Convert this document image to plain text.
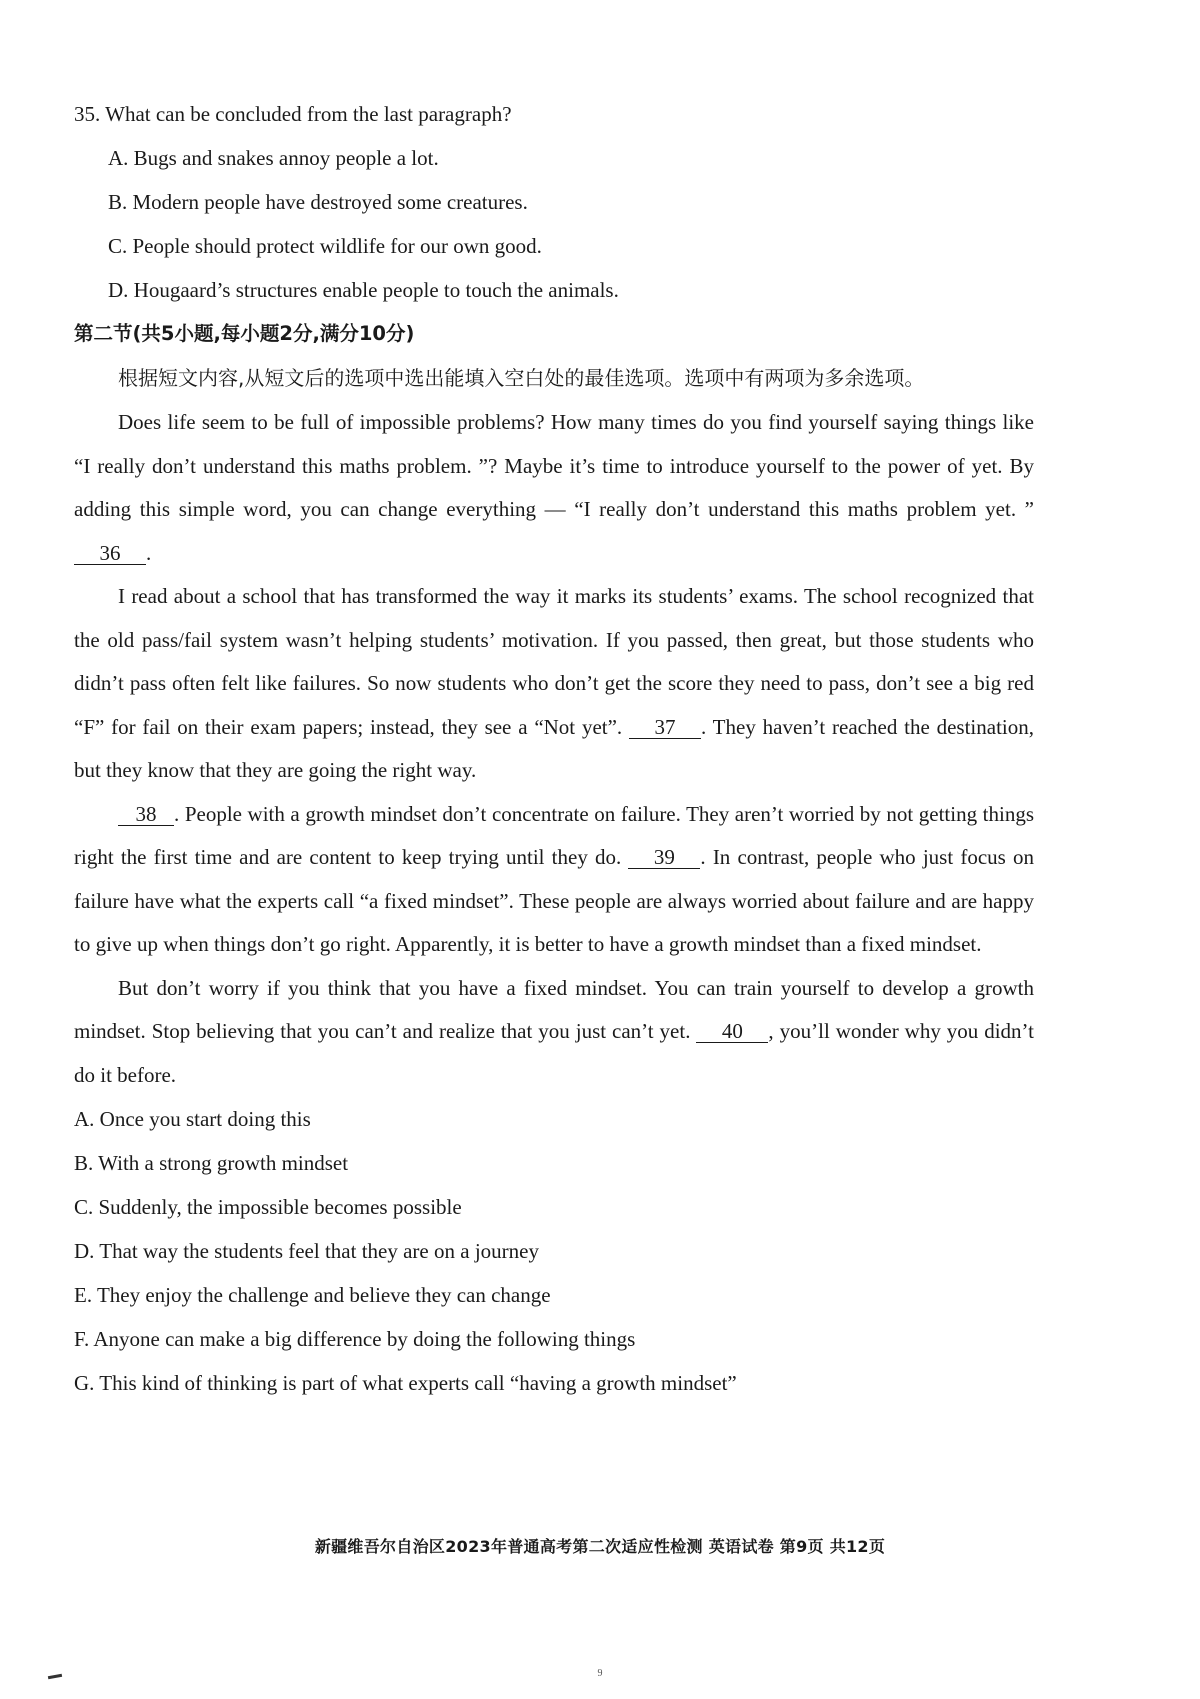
35. What can be concluded from the last paragraph?
A. Bugs and snakes annoy people a lot.
B. Modern people have destroyed some creatures.
C. People should protect wildlife for our own good.
D. Hougaard’s structures enable people to touch the animals.
第二节(共5小题,每小题2分,满分10分)
根据短文内容,从短文后的选项中选出能填入空白处的最佳选项。选项中有两项为多余选项。
Does life seem to be full of impossible problems? How many times do you find yourself saying things like “I really don’t understand this maths problem. ”? Maybe it’s time to introduce yourself to the power of yet. By adding this simple word, you can change everything — “I really don’t understand this maths problem yet. ” 36 .
I read about a school that has transformed the way it marks its students’ exams. The school recognized that the old pass/fail system wasn’t helping students’ motivation. If you passed, then great, but those students who didn’t pass often felt like failures. So now students who don’t get the score they need to pass, don’t see a big red “F” for fail on their exam papers; instead, they see a “Not yet”. 37 . They haven’t reached the destination, but they know that they are going the right way.
38 . People with a growth mindset don’t concentrate on failure. They aren’t worried by not getting things right the first time and are content to keep trying until they do. 39 . In contrast, people who just focus on failure have what the experts call “a fixed mindset”. These people are always worried about failure and are happy to give up when things don’t go right. Apparently, it is better to have a growth mindset than a fixed mindset.
But don’t worry if you think that you have a fixed mindset. You can train yourself to develop a growth mindset. Stop believing that you can’t and realize that you just can’t yet. 40 , you’ll wonder why you didn’t do it before.
A. Once you start doing this
B. With a strong growth mindset
C. Suddenly, the impossible becomes possible
D. That way the students feel that they are on a journey
E. They enjoy the challenge and believe they can change
F. Anyone can make a big difference by doing the following things
G. This kind of thinking is part of what experts call “having a growth mindset”
新疆维吾尔自治区2023年普通高考第二次适应性检测 英语试卷 第9页 共12页
9
